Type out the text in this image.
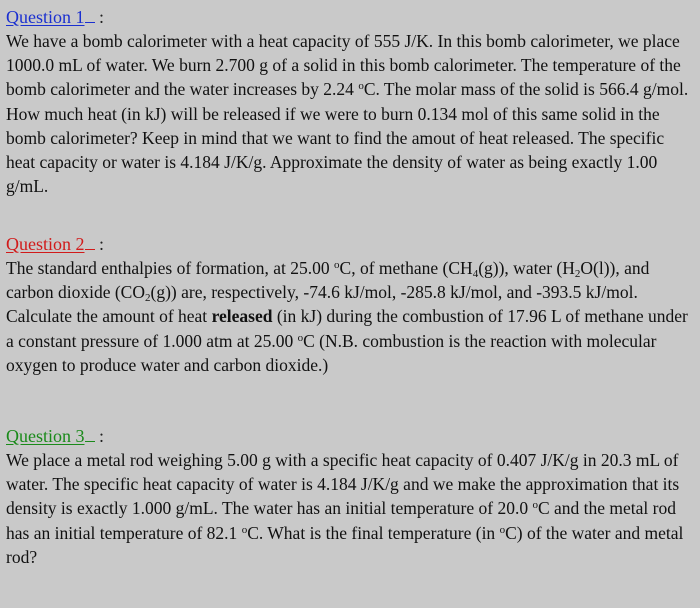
Question 1 :

We have a bomb calorimeter with a heat capacity of 555 J/K. In this bomb calorimeter, we place 1000.0 mL of water. We burn 2.700 g of a solid in this bomb calorimeter. The temperature of the bomb calorimeter and the water increases by 2.24 $^o$C. The molar mass of the solid is 566.4 g/mol. How much heat (in kJ) will be released if we were to burn 0.134 mol of this same solid in the bomb calorimeter? Keep in mind that we want to find the amout of heat released. The specific heat capacity or water is 4.184 J/K/g. Approximate the density of water as being exactly 1.00 g/mL.

Question 2 :

The standard enthalpies of formation, at 25.00 $^o$C, of methane $(CH_4(g))$, water $(H_2O(l))$, and carbon dioxide $(CO_2(g))$ are, respectively, -74.6 kJ/mol, -285.8 kJ/mol, and -393.5 kJ/mol. Calculate the amount of heat released (in kJ) during the combustion of 17.96 L of methane under a constant pressure of 1.000 atm at 25.00 $^o$C (N.B. combustion is the reaction with molecular oxygen to produce water and carbon dioxide.)

Question 3 :

We place a metal rod weighing 5.00 g with a specific heat capacity of 0.407 J/K/g in 20.3 mL of water. The specific heat capacity of water is 4.184 J/K/g and we make the approximation that its density is exactly 1.000 g/mL. The water has an initial temperature of 20.0 $^o$C and the metal rod has an initial temperature of 82.1 $^o$C. What is the final temperature (in $^o$C) of the water and metal rod?
